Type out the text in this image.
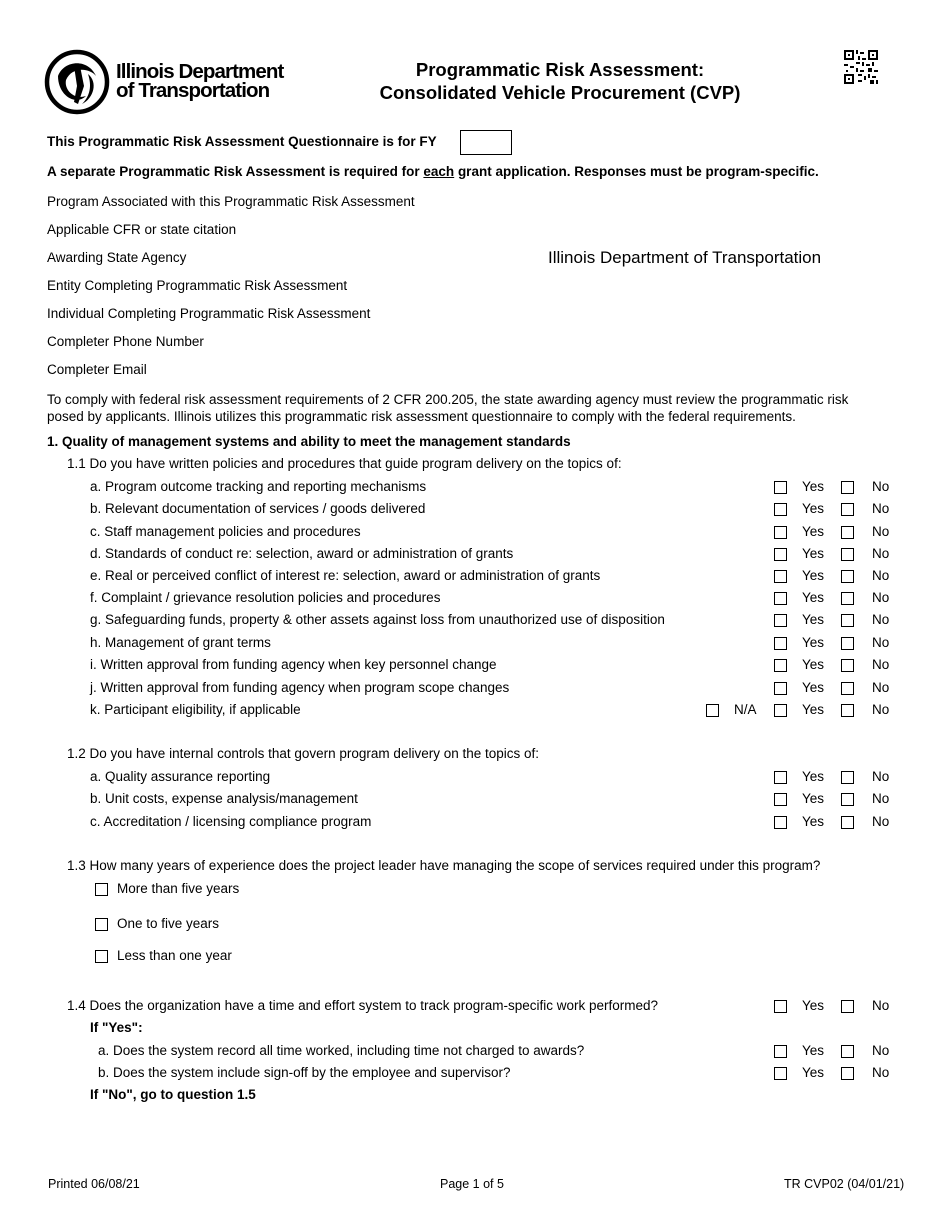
Illinois Department
of Transportation
Programmatic Risk Assessment:
Consolidated Vehicle Procurement (CVP)
This Programmatic Risk Assessment Questionnaire is for FY
A separate Programmatic Risk Assessment is required for each grant application. Responses must be program-specific.
Program Associated with this Programmatic Risk Assessment
Applicable CFR or state citation
Awarding State Agency	Illinois Department of Transportation
Entity Completing Programmatic Risk Assessment
Individual Completing Programmatic Risk Assessment
Completer Phone Number
Completer Email
To comply with federal risk assessment requirements of 2 CFR 200.205, the state awarding agency must review the programmatic risk
posed by applicants. Illinois utilizes this programmatic risk assessment questionnaire to comply with the federal requirements.
1. Quality of management systems and ability to meet the management standards
1.1 Do you have written policies and procedures that guide program delivery on the topics of:
a. Program outcome tracking and reporting mechanisms	Yes	No
b. Relevant documentation of services / goods delivered	Yes	No
c. Staff management policies and procedures	Yes	No
d. Standards of conduct re: selection, award or administration of grants	Yes	No
e. Real or perceived conflict of interest re: selection, award or administration of grants	Yes	No
f. Complaint / grievance resolution policies and procedures	Yes	No
g. Safeguarding funds, property & other assets against loss from unauthorized use of disposition	Yes	No
h. Management of grant terms	Yes	No
i. Written approval from funding agency when key personnel change	Yes	No
j. Written approval from funding agency when program scope changes	Yes	No
k. Participant eligibility, if applicable	N/A	Yes	No
1.2 Do you have internal controls that govern program delivery on the topics of:
a. Quality assurance reporting	Yes	No
b. Unit costs, expense analysis/management	Yes	No
c. Accreditation / licensing compliance program	Yes	No
1.3 How many years of experience does the project leader have managing the scope of services required under this program?
More than five years
One to five years
Less than one year
1.4 Does the organization have a time and effort system to track program-specific work performed?	Yes	No
If "Yes":
a. Does the system record all time worked, including time not charged to awards?	Yes	No
b. Does the system include sign-off by the employee and supervisor?	Yes	No
If "No", go to question 1.5
Printed 06/08/21	Page 1 of 5	TR CVP02 (04/01/21)
